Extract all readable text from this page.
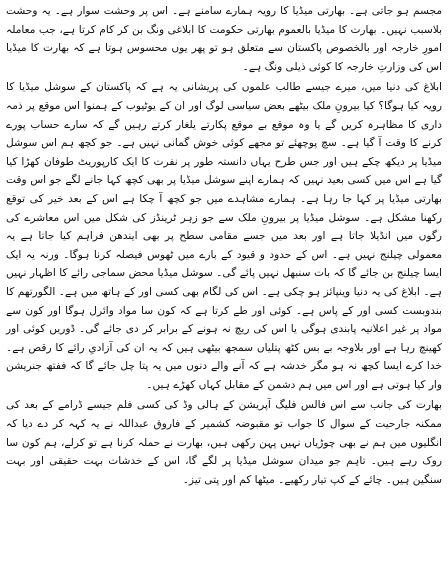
مجسم ہو جاتی ہے۔ بھارتی میڈیا کا رویہ ہمارے سامنے ہے۔ اس پر وحشت سوار ہے۔ یہ وحشت بلاسبب نہیں۔ بھارت کا میڈیا بالعموم بھارتی حکومت کا ابلاغی ونگ بن کر کام کرتا ہے، جب معاملہ امورِ خارجہ اور بالخصوص پاکستان سے متعلق ہو تو پھر یوں محسوس ہوتا ہے کہ بھارت کا میڈیا اس کی وزارتِ خارجہ کا کوئی ذیلی ونگ ہے۔

ابلاغ کی دنیا میں، میرے جیسے طالب علموں کی پریشانی یہ ہے کہ پاکستان کے سوشل میڈیا کا رویہ کیا ہوگا؟ کیا بیرونِ ملک بیٹھے بعض سیاسی لوگ اور ان کے یوٹیوب کے ہمنوا اس موقع پر ذمہ داری کا مظاہرہ کریں گے یا وہ موقع بے موقع پکارتے یلغار کرتے رہیں گے کہ سارے حساب پورے کرنے کا وقت آ گیا ہے۔ سچ پوچھئے تو مجھے کوئی خوش گمانی نہیں ہے۔ جو کچھ ہم اس سوشل میڈیا پر دیکھ چکے ہیں اور جس طرح یہاں دانستہ طور پر نفرت کا ایک کارپوریٹ طوفان کھڑا کیا گیا ہے اس میں کسی بعید نہیں کہ ہمارے اپنے سوشل میڈیا پر بھی کچھ کہا جانے لگے جو اس وقت بھارتی میڈیا پر کہا جا رہا ہے۔ ہمارے مشاہدے میں جو کچھ آ چکا ہے اس کے بعد خیر کی توقع رکھنا مشکل ہے۔ سوشل میڈیا پر بیرونِ ملک سے جو زہر ٹرینڈز کی شکل میں اس معاشرے کی رگوں میں انڈیلا جاتا ہے اور بعد میں جسے مقامی سطح پر بھی ایندھن فراہم کیا جاتا ہے یہ معمولی چیلنج نہیں ہے۔ اس کے حدود و قیود کے بارے میں ٹھوس فیصلہ کرنا ہوگا۔ ورنہ یہ ایک ایسا چیلنج بن جائے گا کہ بات سنبھل نہیں پائے گی۔ سوشل میڈیا محض سماجی رائے کا اظہار نہیں ہے۔ ابلاغ کی یہ دنیا وینپائز ہو چکی ہے۔ اس کی لگام بھی کسی اور کے ہاتھ میں ہے۔ الگورتھم کا بندوبست کسی اور کے پاس ہے۔ کوئی اور طے کرتا ہے کہ کون سا مواد وائرل ہوگا اور کون سے مواد پر غیر اعلانیہ پابندی ہوگی یا اس کی ریچ نہ ہونے کے برابر کر دی جائے گی۔ ڈوریں کوئی اور کھینچ رہا ہے اور بلاوجہ بے بس کٹھ پتلیاں سمجھ بیٹھی ہیں کہ یہ ان کی آزادیِ رائے کا رقص ہے۔ خدا کرے ایسا کچھ نہ ہو مگر خدشہ ہے کہ آنے والے دنوں میں یہ پتا چل جائے گا کہ ففتھ جنریشن وار کیا ہوتی ہے اور اس میں ہم دشمن کے مقابل کہاں کھڑے ہیں۔

بھارت کی جانب سے اس فالس فلیگ آپریشن کے ہالی وڈ کی کسی فلم جیسے ڈرامے کے بعد کی ممکنہ جارحیت کے سوال کا جواب تو مقبوضہ کشمیر کے فاروق عبداللہ نے یہ کہہ کر دے دیا کہ انگلیوں میں ہم نے بھی چوڑیاں نہیں پہن رکھی ہیں، بھارت نے حملہ کرنا ہے تو کرلے، ہم کون سا روک رہے ہیں۔ تاہم جو میدان سوشل میڈیا پر لگے گا، اس کے خدشات بہت حقیقی اور بہت سنگین ہیں۔ چائے کے کپ تیار رکھیے۔ میٹھا کم اور پتی تیز۔
